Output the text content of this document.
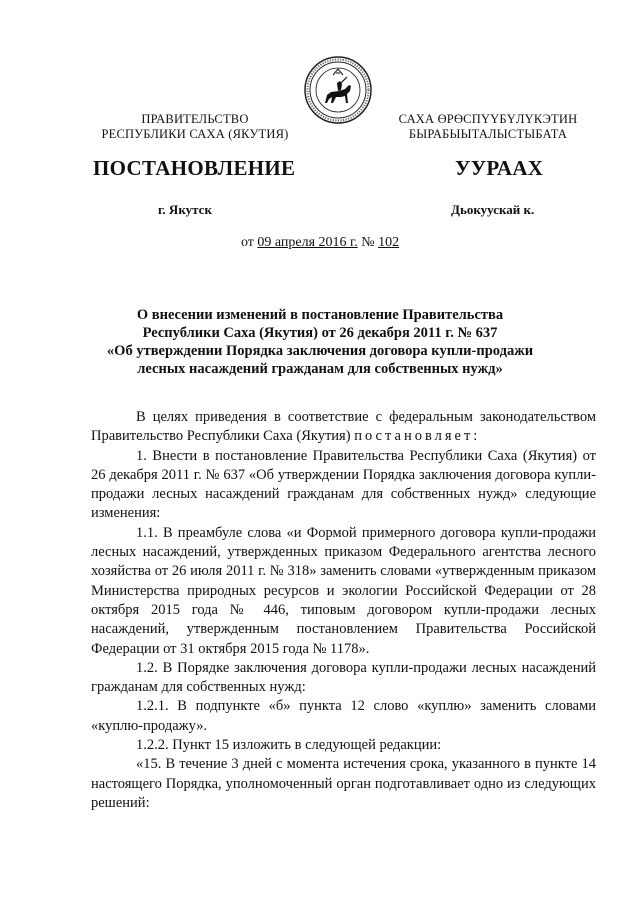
ПРАВИТЕЛЬСТВО
РЕСПУБЛИКИ САХА (ЯКУТИЯ)
САХА ӨРӨСПҮҮБҮЛҮКЭТИН
БЫРАБЫЫТАЛЫСТЫБАТА
ПОСТАНОВЛЕНИЕ	УУРААХ
г. Якутск	Дьокуускай к.
от 09 апреля 2016 г. № 102
О внесении изменений в постановление Правительства
Республики Саха (Якутия) от 26 декабря 2011 г. № 637
«Об утверждении Порядка заключения договора купли-продажи
лесных насаждений гражданам для собственных нужд»

В целях приведения в соответствие с федеральным законодательством Правительство Республики Саха (Якутия) постановляет:

1. Внести в постановление Правительства Республики Саха (Якутия) от 26 декабря 2011 г. № 637 «Об утверждении Порядка заключения договора купли-продажи лесных насаждений гражданам для собственных нужд» следующие изменения:

1.1. В преамбуле слова «и Формой примерного договора купли-продажи лесных насаждений, утвержденных приказом Федерального агентства лесного хозяйства от 26 июля 2011 г. № 318» заменить словами «утвержденным приказом Министерства природных ресурсов и экологии Российской Федерации от 28 октября 2015 года № 446, типовым договором купли-продажи лесных насаждений, утвержденным постановлением Правительства Российской Федерации от 31 октября 2015 года № 1178».

1.2. В Порядке заключения договора купли-продажи лесных насаждений гражданам для собственных нужд:

1.2.1. В подпункте «б» пункта 12 слово «куплю» заменить словами «куплю-продажу».

1.2.2. Пункт 15 изложить в следующей редакции:

«15. В течение 3 дней с момента истечения срока, указанного в пункте 14 настоящего Порядка, уполномоченный орган подготавливает одно из следующих решений:
